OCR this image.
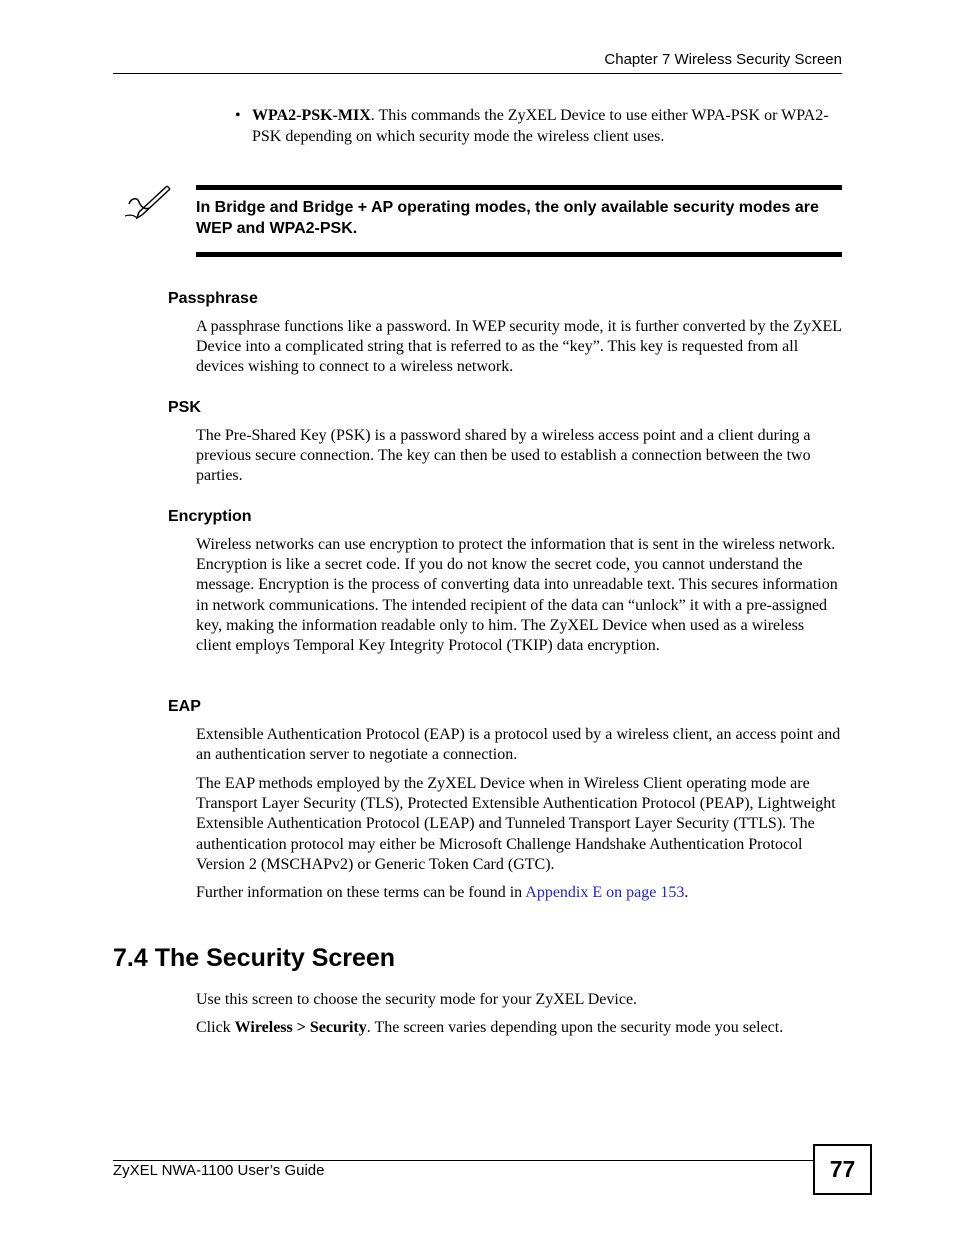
Chapter 7 Wireless Security Screen
• WPA2-PSK-MIX. This commands the ZyXEL Device to use either WPA-PSK or WPA2-PSK depending on which security mode the wireless client uses.
In Bridge and Bridge + AP operating modes, the only available security modes are WEP and WPA2-PSK.
Passphrase
A passphrase functions like a password. In WEP security mode, it is further converted by the ZyXEL Device into a complicated string that is referred to as the “key”. This key is requested from all devices wishing to connect to a wireless network.
PSK
The Pre-Shared Key (PSK) is a password shared by a wireless access point and a client during a previous secure connection. The key can then be used to establish a connection between the two parties.
Encryption
Wireless networks can use encryption to protect the information that is sent in the wireless network. Encryption is like a secret code. If you do not know the secret code, you cannot understand the message. Encryption is the process of converting data into unreadable text. This secures information in network communications. The intended recipient of the data can “unlock” it with a pre-assigned key, making the information readable only to him. The ZyXEL Device when used as a wireless client employs Temporal Key Integrity Protocol (TKIP) data encryption.
EAP
Extensible Authentication Protocol (EAP) is a protocol used by a wireless client, an access point and an authentication server to negotiate a connection.
The EAP methods employed by the ZyXEL Device when in Wireless Client operating mode are Transport Layer Security (TLS), Protected Extensible Authentication Protocol (PEAP), Lightweight Extensible Authentication Protocol (LEAP) and Tunneled Transport Layer Security (TTLS). The authentication protocol may either be Microsoft Challenge Handshake Authentication Protocol Version 2 (MSCHAPv2) or Generic Token Card (GTC).
Further information on these terms can be found in Appendix E on page 153.
7.4 The Security Screen
Use this screen to choose the security mode for your ZyXEL Device.
Click Wireless > Security. The screen varies depending upon the security mode you select.
ZyXEL NWA-1100 User’s Guide	77
